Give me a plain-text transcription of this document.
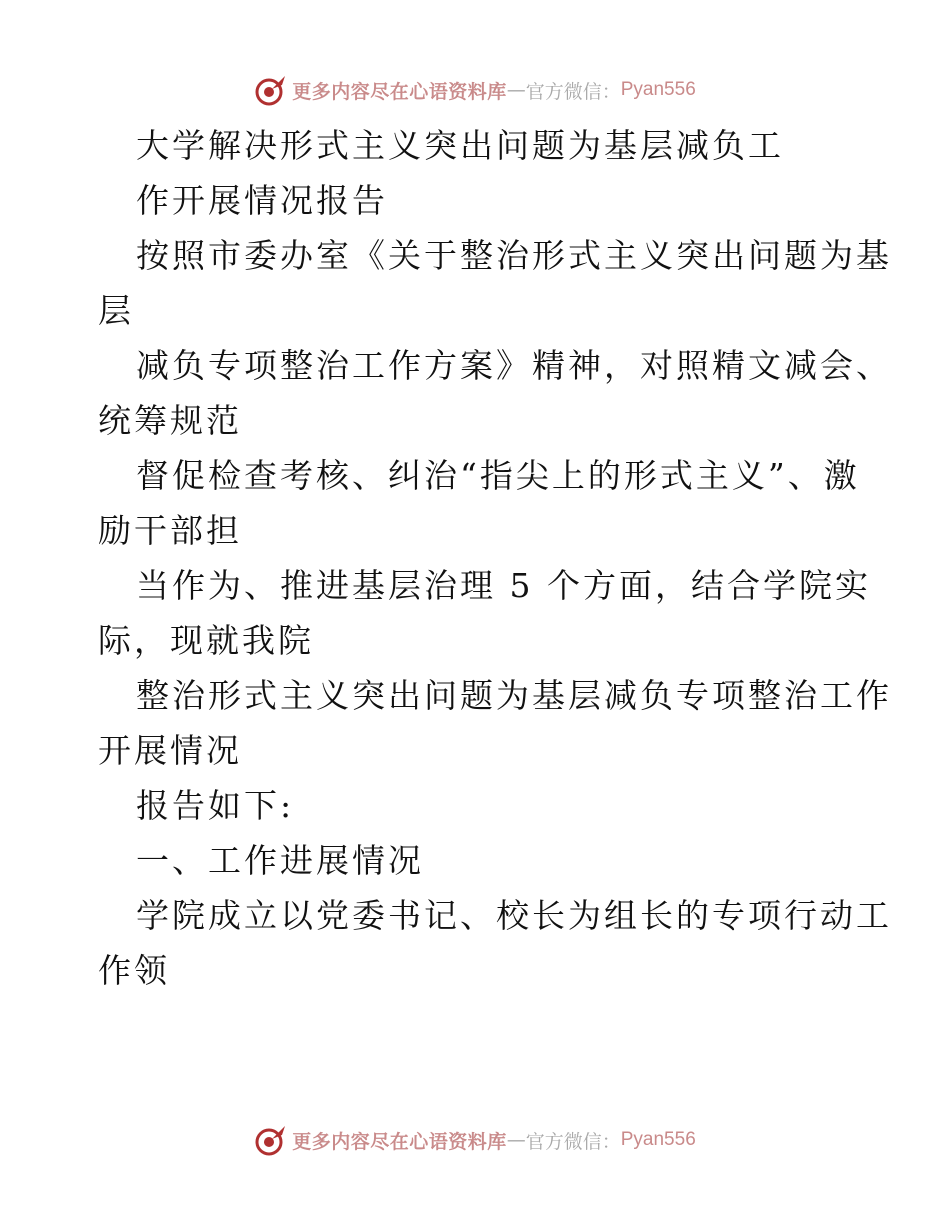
更多内容尽在心语资料库 — 官方微信： Pyan556
大学解决形式主义突出问题为基层减负工
作开展情况报告
按照市委办室《关于整治形式主义突出问题为基
层
减负专项整治工作方案》精神，对照精文减会、
统筹规范
督促检查考核、纠治“指尖上的形式主义”、激
励干部担
当作为、推进基层治理 5 个方面，结合学院实
际，现就我院
整治形式主义突出问题为基层减负专项整治工作
开展情况
报告如下:
一、工作进展情况
学院成立以党委书记、校长为组长的专项行动工
作领
更多内容尽在心语资料库 — 官方微信： Pyan556
